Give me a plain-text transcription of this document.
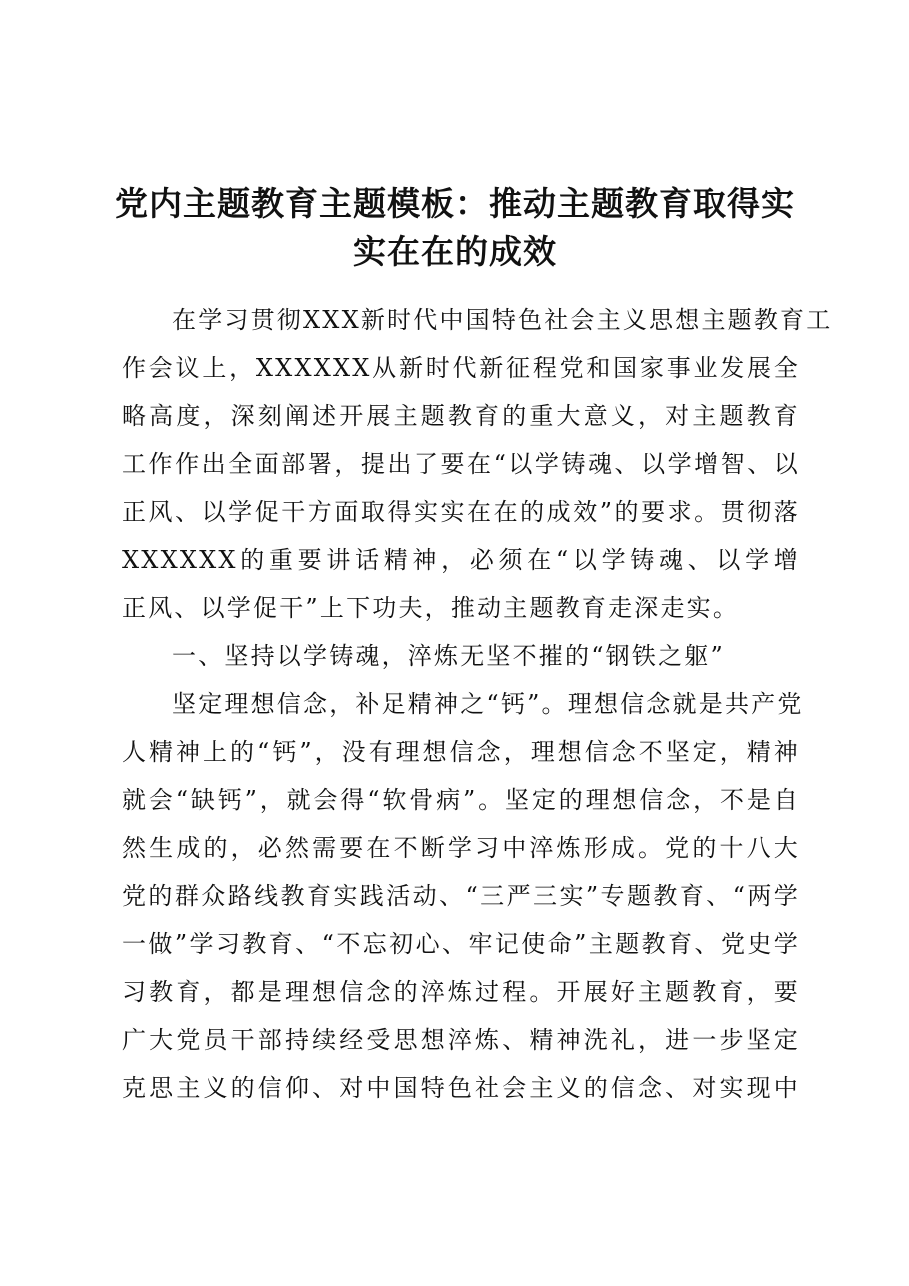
党内主题教育主题模板：推动主题教育取得实
实在在的成效
在学习贯彻XXX新时代中国特色社会主义思想主题教育工
作会议上，XXXXXX从新时代新征程党和国家事业发展全
略高度，深刻阐述开展主题教育的重大意义，对主题教育
工作作出全面部署，提出了要在“以学铸魂、以学增智、以
正风、以学促干方面取得实实在在的成效”的要求。贯彻落
XXXXXX的重要讲话精神，必须在“以学铸魂、以学增
正风、以学促干”上下功夫，推动主题教育走深走实。
一、坚持以学铸魂，淬炼无坚不摧的“钢铁之躯”
坚定理想信念，补足精神之“钙”。理想信念就是共产党
人精神上的“钙”，没有理想信念，理想信念不坚定，精神
就会“缺钙”，就会得“软骨病”。坚定的理想信念，不是自
然生成的，必然需要在不断学习中淬炼形成。党的十八大
党的群众路线教育实践活动、“三严三实”专题教育、“两学
一做”学习教育、“不忘初心、牢记使命”主题教育、党史学
习教育，都是理想信念的淬炼过程。开展好主题教育，要
广大党员干部持续经受思想淬炼、精神洗礼，进一步坚定
克思主义的信仰、对中国特色社会主义的信念、对实现中
